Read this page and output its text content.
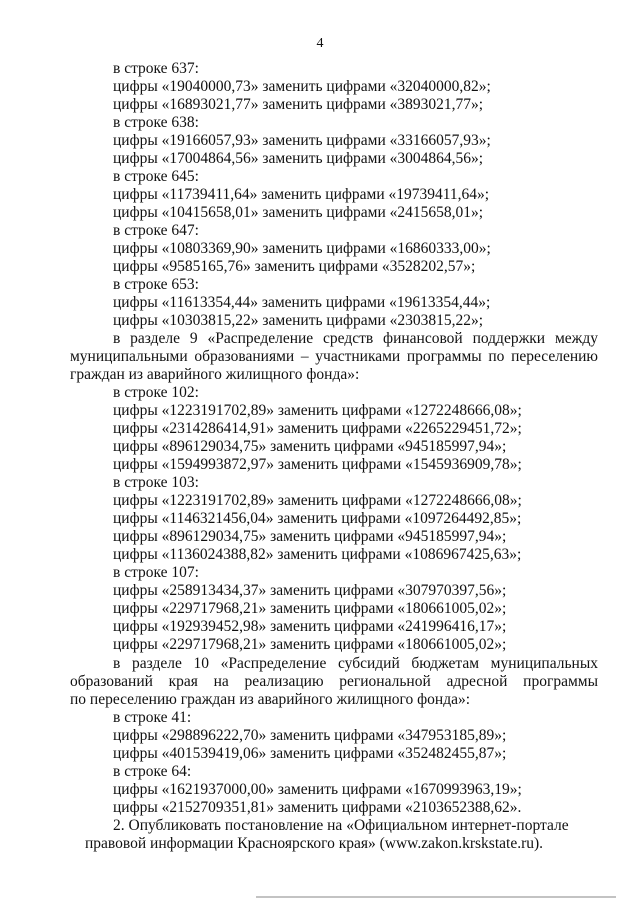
4
в строке 637:
цифры «19040000,73» заменить цифрами «32040000,82»;
цифры «16893021,77» заменить цифрами «3893021,77»;
в строке 638:
цифры «19166057,93» заменить цифрами «33166057,93»;
цифры «17004864,56» заменить цифрами «3004864,56»;
в строке 645:
цифры «11739411,64» заменить цифрами «19739411,64»;
цифры «10415658,01» заменить цифрами «2415658,01»;
в строке 647:
цифры «10803369,90» заменить цифрами «16860333,00»;
цифры «9585165,76» заменить цифрами «3528202,57»;
в строке 653:
цифры «11613354,44» заменить цифрами «19613354,44»;
цифры «10303815,22» заменить цифрами «2303815,22»;
в разделе 9 «Распределение средств финансовой поддержки между
муниципальными образованиями – участниками программы по переселению
граждан из аварийного жилищного фонда»:
в строке 102:
цифры «1223191702,89» заменить цифрами «1272248666,08»;
цифры «2314286414,91» заменить цифрами «2265229451,72»;
цифры «896129034,75» заменить цифрами «945185997,94»;
цифры «1594993872,97» заменить цифрами «1545936909,78»;
в строке 103:
цифры «1223191702,89» заменить цифрами «1272248666,08»;
цифры «1146321456,04» заменить цифрами «1097264492,85»;
цифры «896129034,75» заменить цифрами «945185997,94»;
цифры «1136024388,82» заменить цифрами «1086967425,63»;
в строке 107:
цифры «258913434,37» заменить цифрами «307970397,56»;
цифры «229717968,21» заменить цифрами «180661005,02»;
цифры «192939452,98» заменить цифрами «241996416,17»;
цифры «229717968,21» заменить цифрами «180661005,02»;
в разделе 10 «Распределение субсидий бюджетам муниципальных
образований края на реализацию региональной адресной программы
по переселению граждан из аварийного жилищного фонда»:
в строке 41:
цифры «298896222,70» заменить цифрами «347953185,89»;
цифры «401539419,06» заменить цифрами «352482455,87»;
в строке 64:
цифры «1621937000,00» заменить цифрами «1670993963,19»;
цифры «2152709351,81» заменить цифрами «2103652388,62».
2. Опубликовать постановление на «Официальном интернет-портале
правовой информации Красноярского края» (www.zakon.krskstate.ru).
